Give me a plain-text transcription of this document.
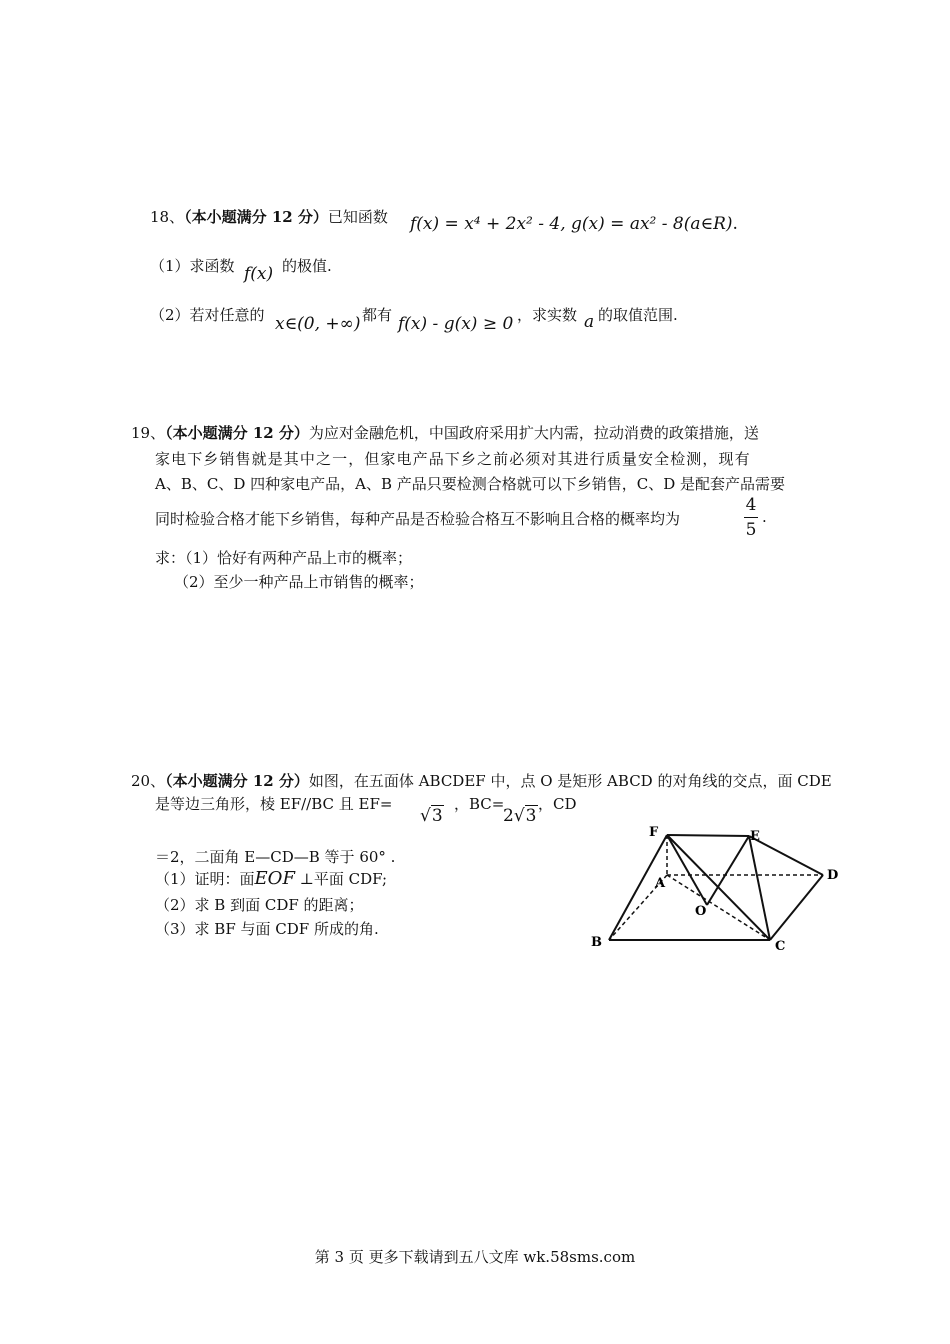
18、（本小题满分 12 分）已知函数 f(x) = x⁴ + 2x² - 4, g(x) = ax² - 8(a∈R).
（1）求函数 f(x) 的极值.
（2）若对任意的 x∈(0, +∞) 都有 f(x) - g(x) ≥ 0 ，求实数 a 的取值范围.
19、（本小题满分 12 分）为应对金融危机，中国政府采用扩大内需，拉动消费的政策措施，送
家电下乡销售就是其中之一，但家电产品下乡之前必须对其进行质量安全检测，现有
A、B、C、D 四种家电产品，A、B 产品只要检测合格就可以下乡销售，C、D 是配套产品需要
同时检验合格才能下乡销售，每种产品是否检验合格互不影响且合格的概率均为
4
5
.
求：（1）恰好有两种产品上市的概率；
（2）至少一种产品上市销售的概率；
20、（本小题满分 12 分）如图，在五面体 ABCDEF 中，点 O 是矩形 ABCD 的对角线的交点，面 CDE
是等边三角形，棱 EF//BC 且 EF=
√3
，BC=
2√3
，CD
＝2，二面角 E—CD—B 等于 60° .
（1）证明：面EOF ⊥平面 CDF;
（2）求 B 到面 CDF 的距离；
（3）求 BF 与面 CDF 所成的角.
F	E
A
D
O
B	C
第 3 页 更多下载请到五八文库 wk.58sms.com
